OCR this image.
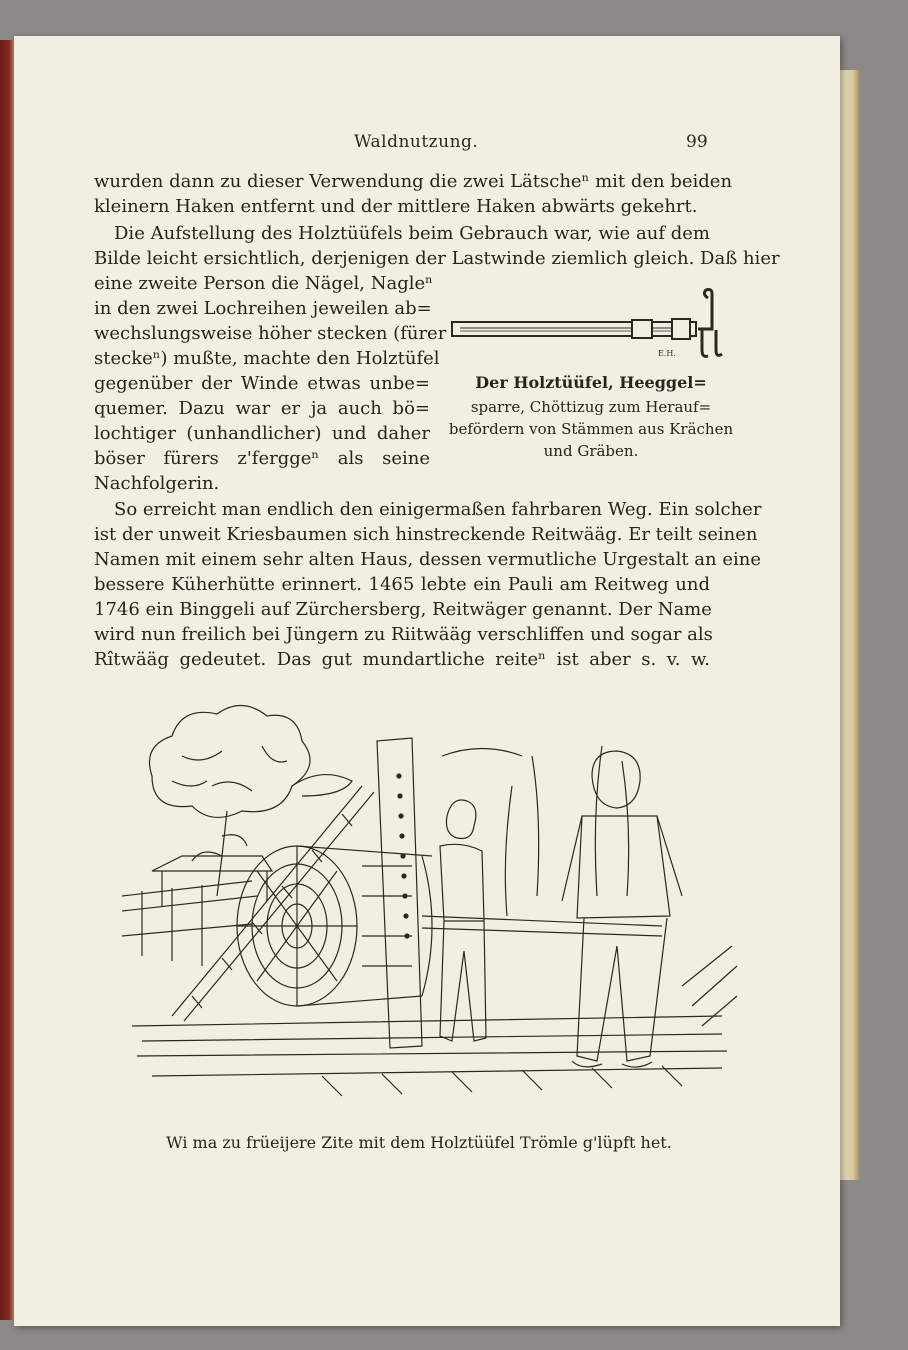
Waldnutzung.	99
wurden dann zu dieser Verwendung die zwei Lätscheⁿ mit den beiden
kleinern Haken entfernt und der mittlere Haken abwärts gekehrt.
Die Aufstellung des Holztüüfels beim Gebrauch war, wie auf dem
Bilde leicht ersichtlich, derjenigen der Lastwinde ziemlich gleich. Daß hier
eine zweite Person die Nägel, Nagleⁿ
in den zwei Lochreihen jeweilen ab=
wechslungsweise höher stecken (fürer
steckeⁿ) mußte, machte den Holztüfel
gegenüber der Winde etwas unbe=
quemer. Dazu war er ja auch bö=
lochtiger (unhandlicher) und daher
böser fürers z'ferggeⁿ als seine
Nachfolgerin.
So erreicht man endlich den einigermaßen fahrbaren Weg. Ein solcher
ist der unweit Kriesbaumen sich hinstreckende Reitwääg. Er teilt seinen
Namen mit einem sehr alten Haus, dessen vermutliche Urgestalt an eine
bessere Küherhütte erinnert. 1465 lebte ein Pauli am Reitweg und
1746 ein Binggeli auf Zürchersberg, Reitwäger genannt. Der Name
wird nun freilich bei Jüngern zu Riitwääg verschliffen und sogar als
Rîtwääg gedeutet. Das gut mundartliche reiteⁿ ist aber s. v. w.
E.H.
Der Holztüüfel, Heeggel=
sparre, Chöttizug zum Herauf=
befördern von Stämmen aus Krächen
und Gräben.
Wi ma zu früeijere Zite mit dem Holztüüfel Trömle g'lüpft het.
